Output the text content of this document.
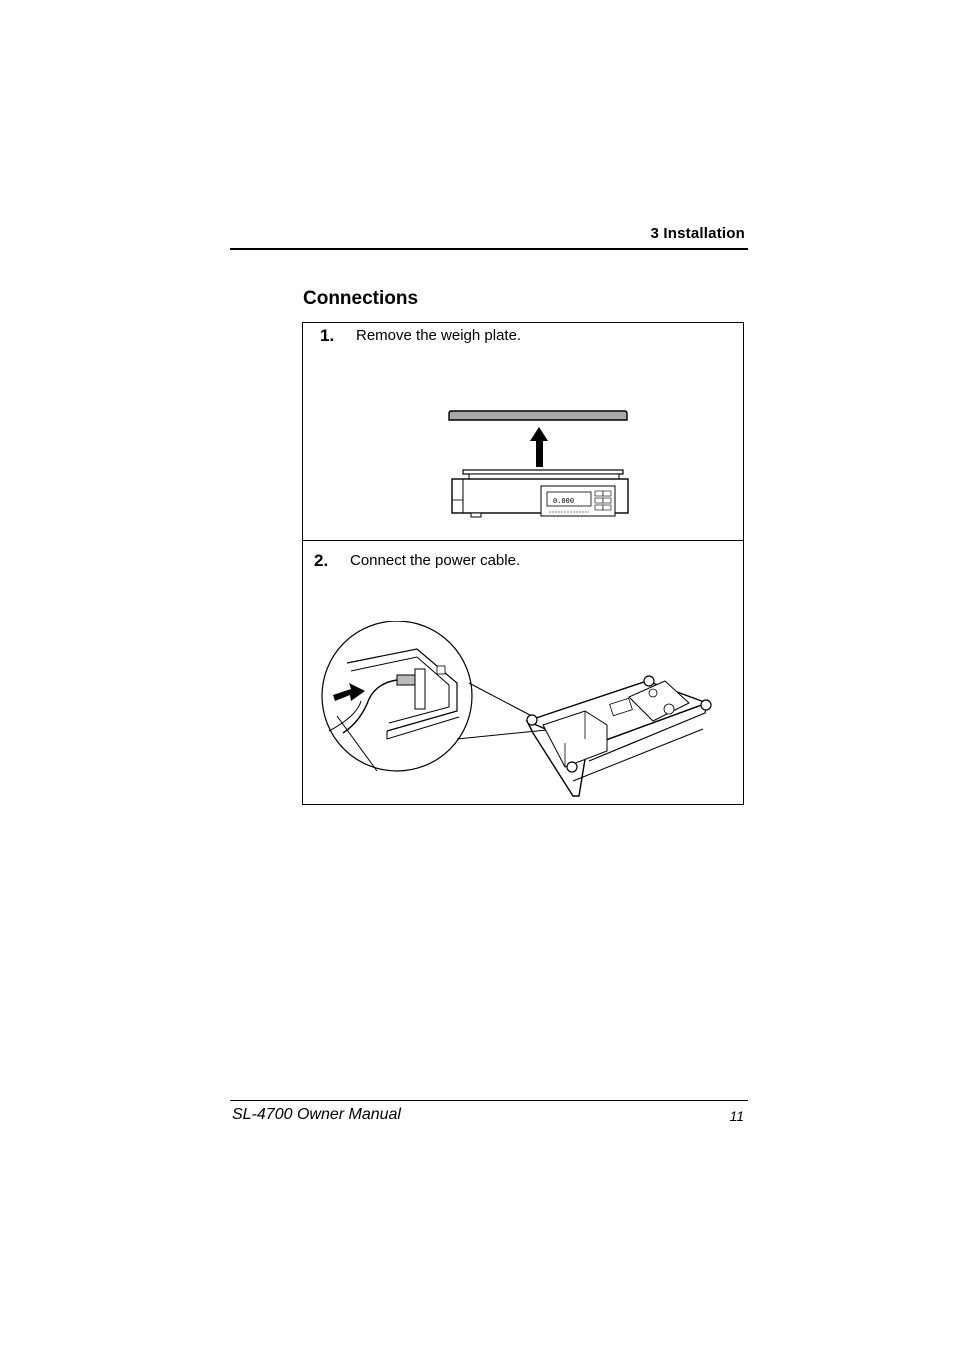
3 Installation
Connections
1. Remove the weigh plate.
0.000
2. Connect the power cable.
SL-4700 Owner Manual	11
